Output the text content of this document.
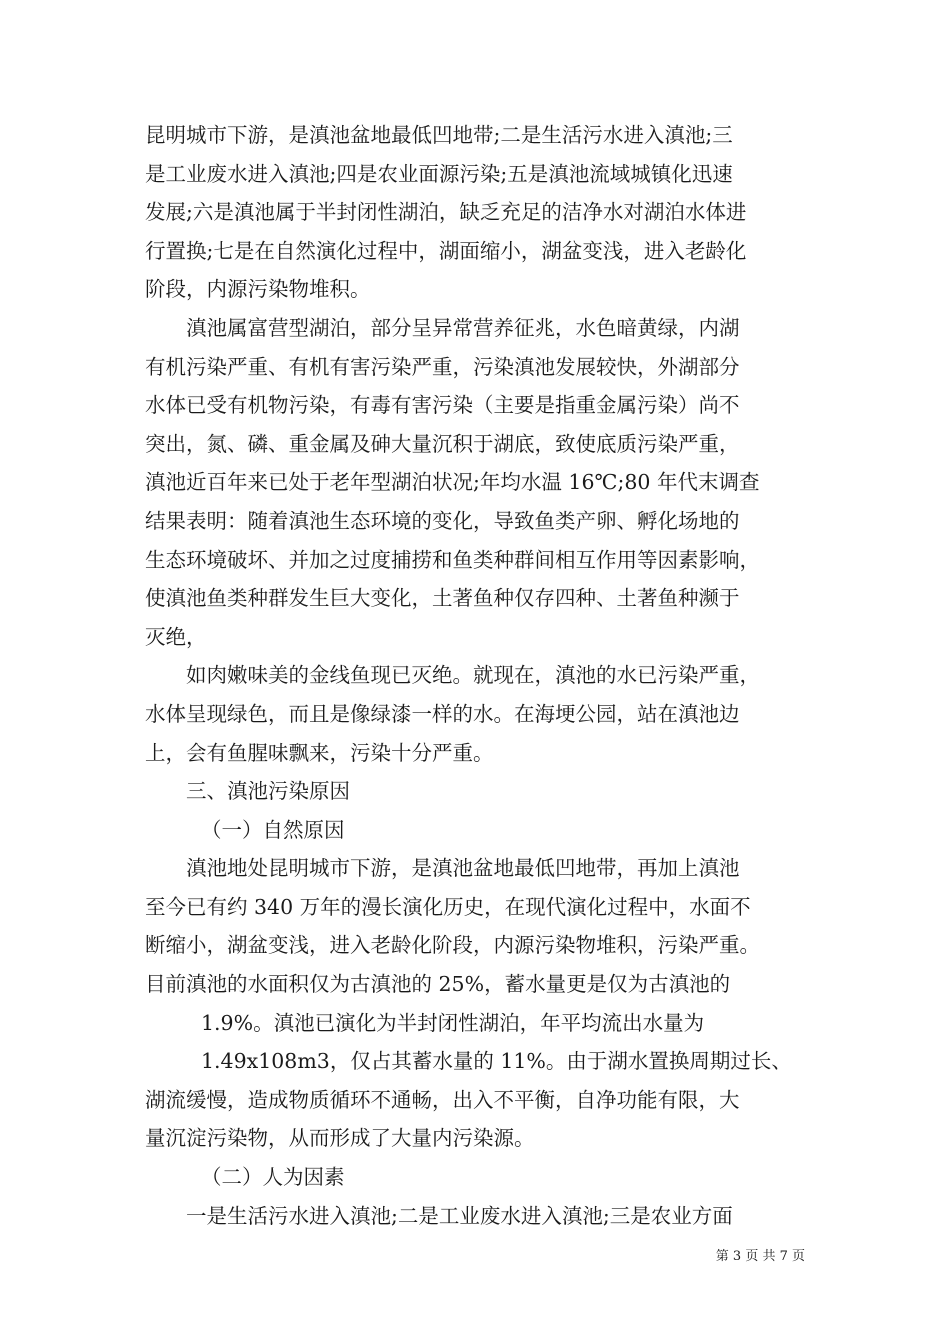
昆明城市下游，是滇池盆地最低凹地带;二是生活污水进入滇池;三
是工业废水进入滇池;四是农业面源污染;五是滇池流域城镇化迅速
发展;六是滇池属于半封闭性湖泊，缺乏充足的洁净水对湖泊水体进
行置换;七是在自然演化过程中，湖面缩小，湖盆变浅，进入老龄化
阶段，内源污染物堆积。
滇池属富营型湖泊，部分呈异常营养征兆，水色暗黄绿，内湖
有机污染严重、有机有害污染严重，污染滇池发展较快，外湖部分
水体已受有机物污染，有毒有害污染（主要是指重金属污染）尚不
突出，氮、磷、重金属及砷大量沉积于湖底，致使底质污染严重，
滇池近百年来已处于老年型湖泊状况;年均水温 16℃;80 年代末调查
结果表明：随着滇池生态环境的变化，导致鱼类产卵、孵化场地的
生态环境破坏、并加之过度捕捞和鱼类种群间相互作用等因素影响，
使滇池鱼类种群发生巨大变化，土著鱼种仅存四种、土著鱼种濒于
灭绝，
如肉嫩味美的金线鱼现已灭绝。就现在，滇池的水已污染严重，
水体呈现绿色，而且是像绿漆一样的水。在海埂公园，站在滇池边
上，会有鱼腥味飘来，污染十分严重。
三、滇池污染原因
（一）自然原因
滇池地处昆明城市下游，是滇池盆地最低凹地带，再加上滇池
至今已有约 340 万年的漫长演化历史，在现代演化过程中，水面不
断缩小，湖盆变浅，进入老龄化阶段，内源污染物堆积，污染严重。
目前滇池的水面积仅为古滇池的 25%，蓄水量更是仅为古滇池的
1.9%。滇池已演化为半封闭性湖泊，年平均流出水量为
1.49x108m3，仅占其蓄水量的 11%。由于湖水置换周期过长、
湖流缓慢，造成物质循环不通畅，出入不平衡，自净功能有限，大
量沉淀污染物，从而形成了大量内污染源。
（二）人为因素
一是生活污水进入滇池;二是工业废水进入滇池;三是农业方面
第 3 页 共 7 页
